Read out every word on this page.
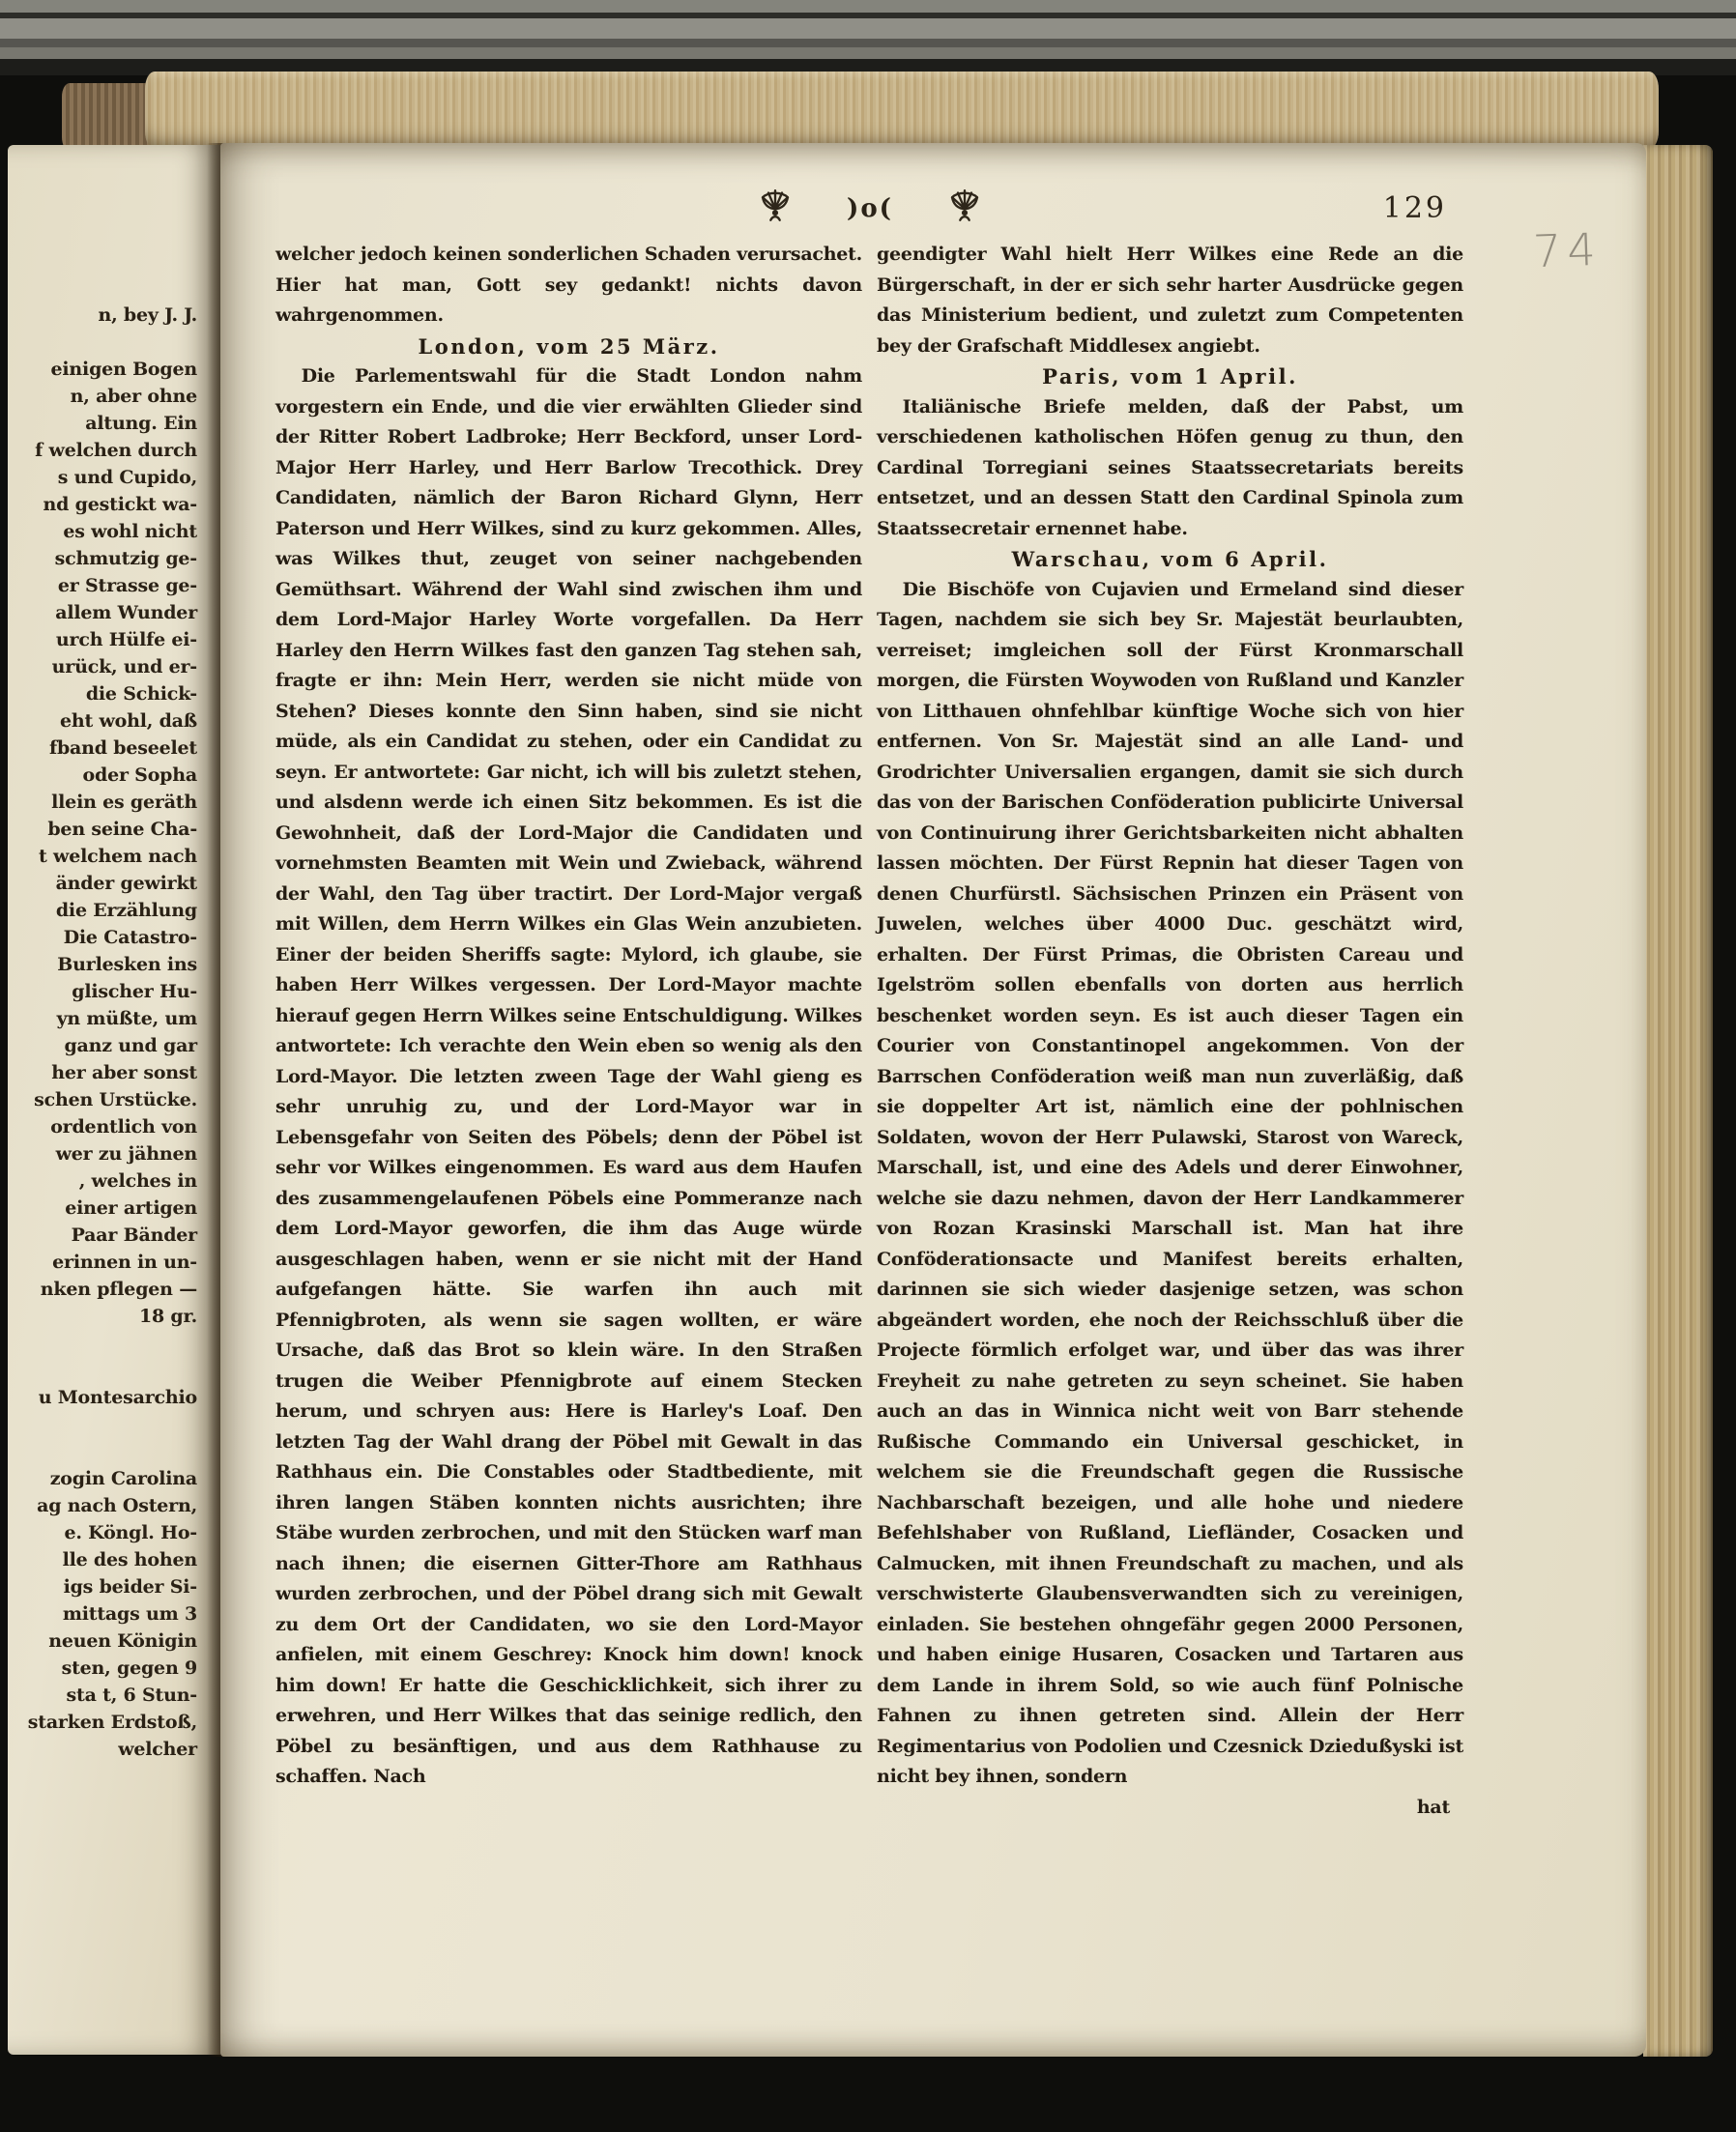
n, bey J. J.

einigen Bogen
n, aber ohne
altung. Ein
f welchen durch
s und Cupido,
nd gestickt wa-
es wohl nicht
schmutzig ge-
er Strasse ge-
allem Wunder
urch Hülfe ei-
urück, und er-
die Schick-
eht wohl, daß
fband beseelet
oder Sopha
llein es geräth
ben seine Cha-
t welchem nach
änder gewirkt
die Erzählung
Die Catastro-
Burlesken ins
glischer Hu-
yn müßte, um
ganz und gar
her aber sonst
schen Urstücke.
ordentlich von
wer zu jähnen
, welches in
einer artigen
Paar Bänder
erinnen in un-
nken pflegen —
18 gr.

u Montesarchio

zogin Carolina
ag nach Ostern,
e. Köngl. Ho-
lle des hohen
igs beider Si-
mittags um 3
neuen Königin
sten, gegen 9
sta t, 6 Stun-
starken Erdstoß,
welcher
)o(	129
74

welcher jedoch keinen sonderlichen Schaden verursachet. Hier hat man, Gott sey gedankt! nichts davon wahrgenommen.

London, vom 25 März.

Die Parlementswahl für die Stadt London nahm vorgestern ein Ende, und die vier erwählten Glieder sind der Ritter Robert Ladbroke; Herr Beckford, unser Lord-Major Herr Harley, und Herr Barlow Trecothick. Drey Candidaten, nämlich der Baron Richard Glynn, Herr Paterson und Herr Wilkes, sind zu kurz gekommen. Alles, was Wilkes thut, zeuget von seiner nachgebenden Gemüthsart. Während der Wahl sind zwischen ihm und dem Lord-Major Harley Worte vorgefallen. Da Herr Harley den Herrn Wilkes fast den ganzen Tag stehen sah, fragte er ihn: Mein Herr, werden sie nicht müde von Stehen? Dieses konnte den Sinn haben, sind sie nicht müde, als ein Candidat zu stehen, oder ein Candidat zu seyn. Er antwortete: Gar nicht, ich will bis zuletzt stehen, und alsdenn werde ich einen Sitz bekommen. Es ist die Gewohnheit, daß der Lord-Major die Candidaten und vornehmsten Beamten mit Wein und Zwieback, während der Wahl, den Tag über tractirt. Der Lord-Major vergaß mit Willen, dem Herrn Wilkes ein Glas Wein anzubieten. Einer der beiden Sheriffs sagte: Mylord, ich glaube, sie haben Herr Wilkes vergessen. Der Lord-Mayor machte hierauf gegen Herrn Wilkes seine Entschuldigung. Wilkes antwortete: Ich verachte den Wein eben so wenig als den Lord-Mayor. Die letzten zween Tage der Wahl gieng es sehr unruhig zu, und der Lord-Mayor war in Lebensgefahr von Seiten des Pöbels; denn der Pöbel ist sehr vor Wilkes eingenommen. Es ward aus dem Haufen des zusammengelaufenen Pöbels eine Pommeranze nach dem Lord-Mayor geworfen, die ihm das Auge würde ausgeschlagen haben, wenn er sie nicht mit der Hand aufgefangen hätte. Sie warfen ihn auch mit Pfennigbroten, als wenn sie sagen wollten, er wäre Ursache, daß das Brot so klein wäre. In den Straßen trugen die Weiber Pfennigbrote auf einem Stecken herum, und schryen aus: Here is Harley's Loaf. Den letzten Tag der Wahl drang der Pöbel mit Gewalt in das Rathhaus ein. Die Constables oder Stadtbediente, mit ihren langen Stäben konnten nichts ausrichten; ihre Stäbe wurden zerbrochen, und mit den Stücken warf man nach ihnen; die eisernen Gitter-Thore am Rathhaus wurden zerbrochen, und der Pöbel drang sich mit Gewalt zu dem Ort der Candidaten, wo sie den Lord-Mayor anfielen, mit einem Geschrey: Knock him down! knock him down! Er hatte die Geschicklichkeit, sich ihrer zu erwehren, und Herr Wilkes that das seinige redlich, den Pöbel zu besänftigen, und aus dem Rathhause zu schaffen. Nach

geendigter Wahl hielt Herr Wilkes eine Rede an die Bürgerschaft, in der er sich sehr harter Ausdrücke gegen das Ministerium bedient, und zuletzt zum Competenten bey der Grafschaft Middlesex angiebt.

Paris, vom 1 April.

Italiänische Briefe melden, daß der Pabst, um verschiedenen katholischen Höfen genug zu thun, den Cardinal Torregiani seines Staatssecretariats bereits entsetzet, und an dessen Statt den Cardinal Spinola zum Staatssecretair ernennet habe.

Warschau, vom 6 April.

Die Bischöfe von Cujavien und Ermeland sind dieser Tagen, nachdem sie sich bey Sr. Majestät beurlaubten, verreiset; imgleichen soll der Fürst Kronmarschall morgen, die Fürsten Woywoden von Rußland und Kanzler von Litthauen ohnfehlbar künftige Woche sich von hier entfernen. Von Sr. Majestät sind an alle Land- und Grodrichter Universalien ergangen, damit sie sich durch das von der Barischen Conföderation publicirte Universal von Continuirung ihrer Gerichtsbarkeiten nicht abhalten lassen möchten. Der Fürst Repnin hat dieser Tagen von denen Churfürstl. Sächsischen Prinzen ein Präsent von Juwelen, welches über 4000 Duc. geschätzt wird, erhalten. Der Fürst Primas, die Obristen Careau und Igelström sollen ebenfalls von dorten aus herrlich beschenket worden seyn. Es ist auch dieser Tagen ein Courier von Constantinopel angekommen. Von der Barrschen Conföderation weiß man nun zuverläßig, daß sie doppelter Art ist, nämlich eine der pohlnischen Soldaten, wovon der Herr Pulawski, Starost von Wareck, Marschall, ist, und eine des Adels und derer Einwohner, welche sie dazu nehmen, davon der Herr Landkammerer von Rozan Krasinski Marschall ist. Man hat ihre Conföderationsacte und Manifest bereits erhalten, darinnen sie sich wieder dasjenige setzen, was schon abgeändert worden, ehe noch der Reichsschluß über die Projecte förmlich erfolget war, und über das was ihrer Freyheit zu nahe getreten zu seyn scheinet. Sie haben auch an das in Winnica nicht weit von Barr stehende Rußische Commando ein Universal geschicket, in welchem sie die Freundschaft gegen die Russische Nachbarschaft bezeigen, und alle hohe und niedere Befehlshaber von Rußland, Liefländer, Cosacken und Calmucken, mit ihnen Freundschaft zu machen, und als verschwisterte Glaubensverwandten sich zu vereinigen, einladen. Sie bestehen ohngefähr gegen 2000 Personen, und haben einige Husaren, Cosacken und Tartaren aus dem Lande in ihrem Sold, so wie auch fünf Polnische Fahnen zu ihnen getreten sind. Allein der Herr Regimentarius von Podolien und Czesnick Dziedußyski ist nicht bey ihnen, sondern

hat
